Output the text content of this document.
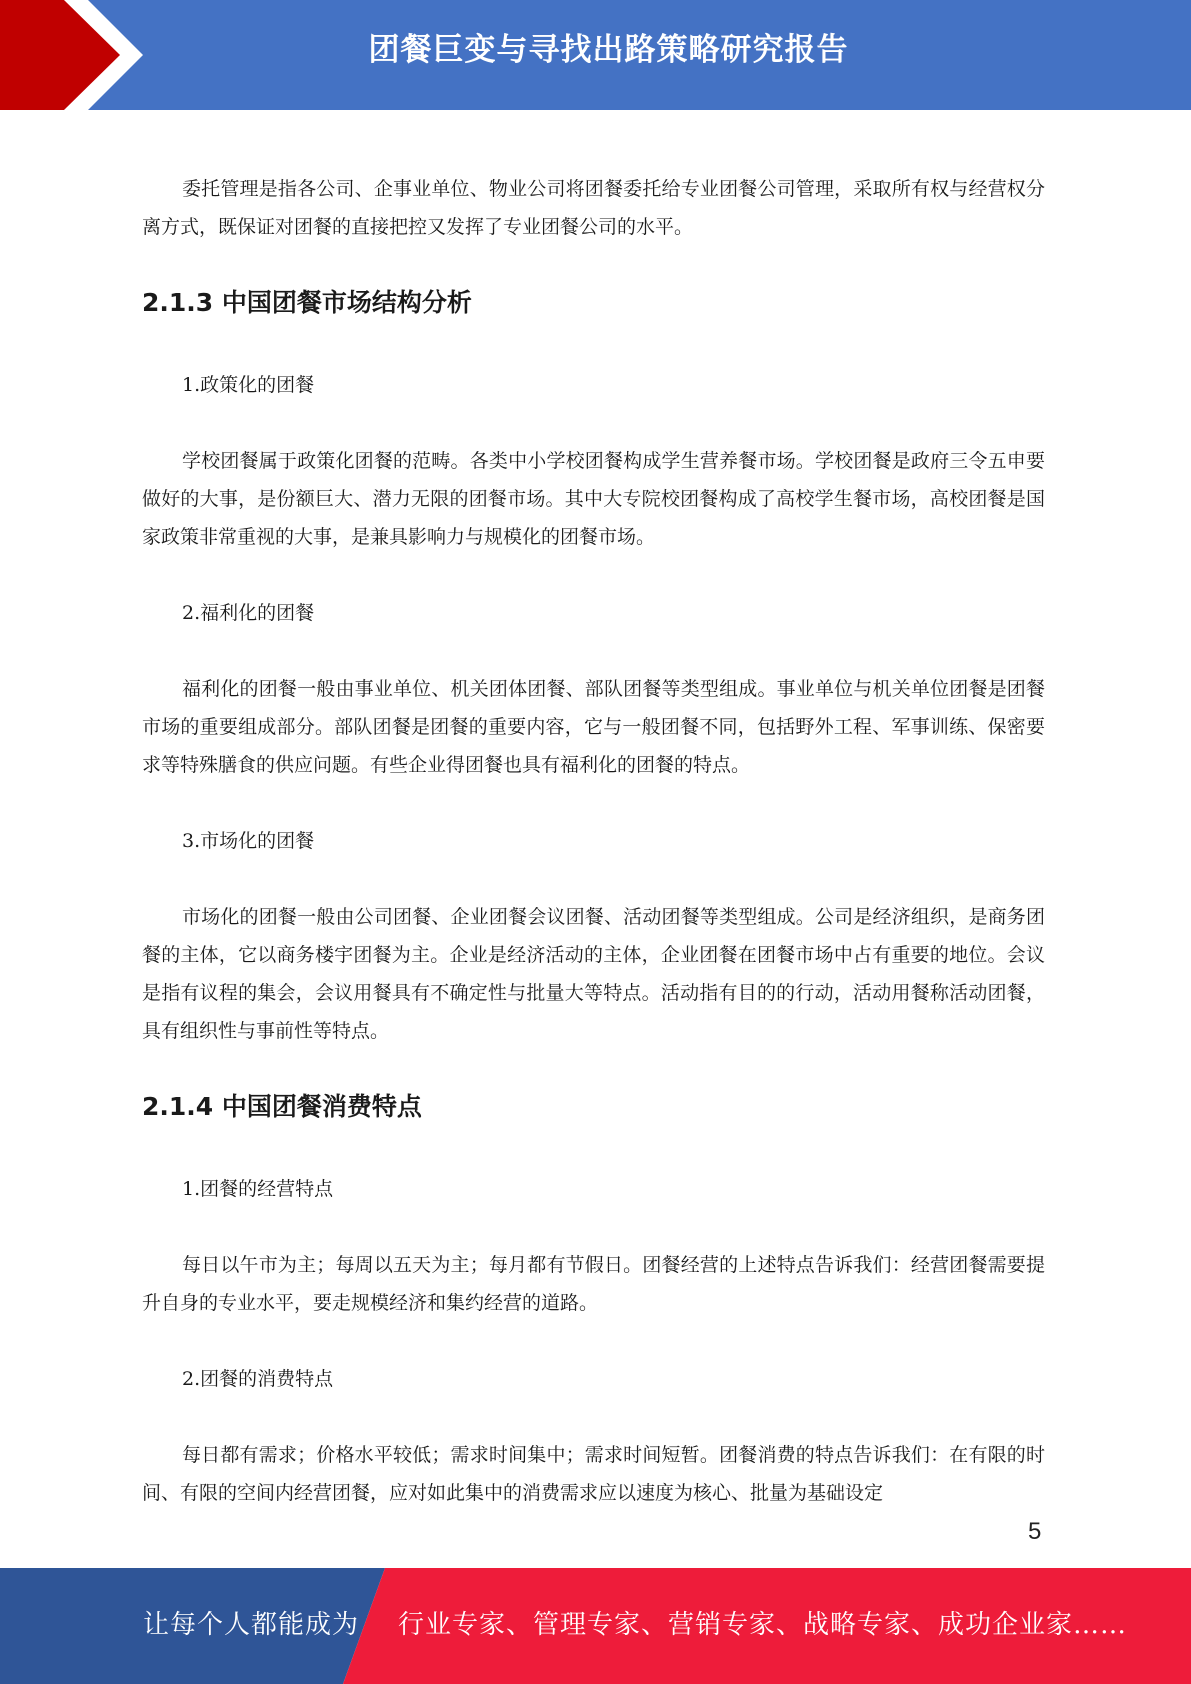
团餐巨变与寻找出路策略研究报告

委托管理是指各公司、企事业单位、物业公司将团餐委托给专业团餐公司管理，采取所有权与经营权分离方式，既保证对团餐的直接把控又发挥了专业团餐公司的水平。

2.1.3 中国团餐市场结构分析

1.政策化的团餐

学校团餐属于政策化团餐的范畴。各类中小学校团餐构成学生营养餐市场。学校团餐是政府三令五申要做好的大事，是份额巨大、潜力无限的团餐市场。其中大专院校团餐构成了高校学生餐市场，高校团餐是国家政策非常重视的大事，是兼具影响力与规模化的团餐市场。

2.福利化的团餐

福利化的团餐一般由事业单位、机关团体团餐、部队团餐等类型组成。事业单位与机关单位团餐是团餐市场的重要组成部分。部队团餐是团餐的重要内容，它与一般团餐不同，包括野外工程、军事训练、保密要求等特殊膳食的供应问题。有些企业得团餐也具有福利化的团餐的特点。

3.市场化的团餐

市场化的团餐一般由公司团餐、企业团餐会议团餐、活动团餐等类型组成。公司是经济组织，是商务团餐的主体，它以商务楼宇团餐为主。企业是经济活动的主体，企业团餐在团餐市场中占有重要的地位。会议是指有议程的集会，会议用餐具有不确定性与批量大等特点。活动指有目的的行动，活动用餐称活动团餐，具有组织性与事前性等特点。

2.1.4 中国团餐消费特点

1.团餐的经营特点

每日以午市为主；每周以五天为主；每月都有节假日。团餐经营的上述特点告诉我们：经营团餐需要提升自身的专业水平，要走规模经济和集约经营的道路。

2.团餐的消费特点

每日都有需求；价格水平较低；需求时间集中；需求时间短暂。团餐消费的特点告诉我们：在有限的时间、有限的空间内经营团餐，应对如此集中的消费需求应以速度为核心、批量为基础设定

5
让每个人都能成为 行业专家、管理专家、营销专家、战略专家、成功企业家……
